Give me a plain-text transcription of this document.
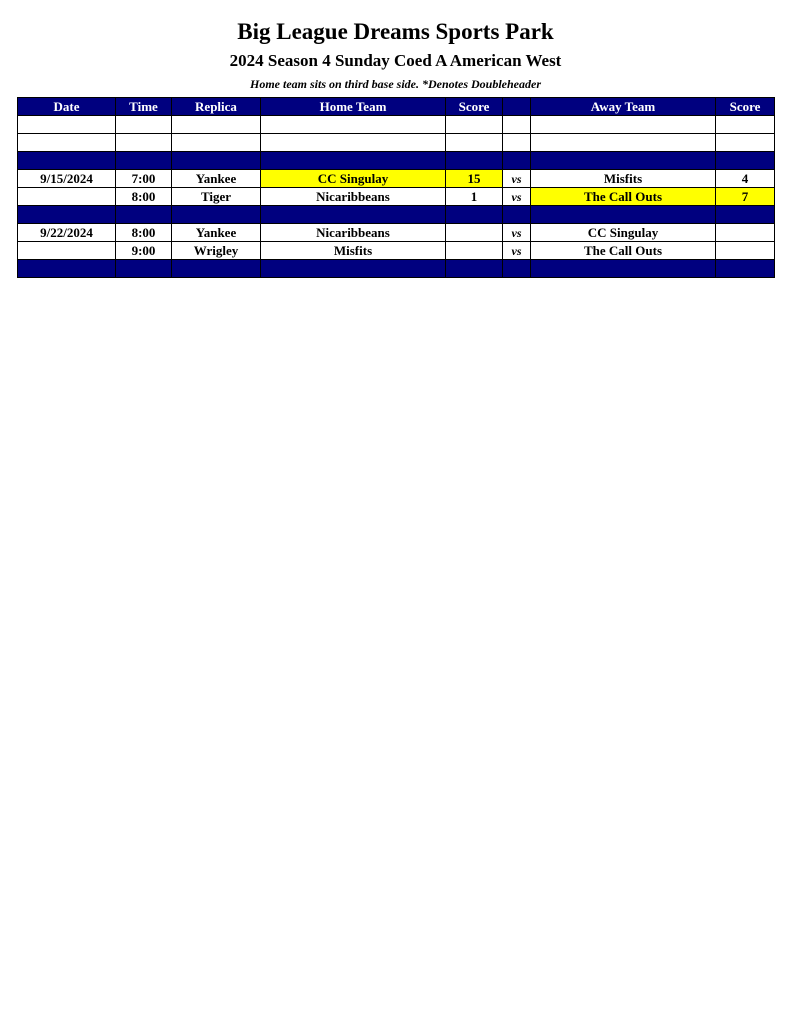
Big League Dreams Sports Park
2024 Season 4 Sunday Coed A American West
Home team sits on third base side. *Denotes Doubleheader
Date	Time	Replica	Home Team	Score		Away Team	Score

9/15/2024	7:00	Yankee	CC Singulay	15	vs	Misfits	4
	8:00	Tiger	Nicaribbeans	1	vs	The Call Outs	7

9/22/2024	8:00	Yankee	Nicaribbeans		vs	CC Singulay	
	9:00	Wrigley	Misfits		vs	The Call Outs	
